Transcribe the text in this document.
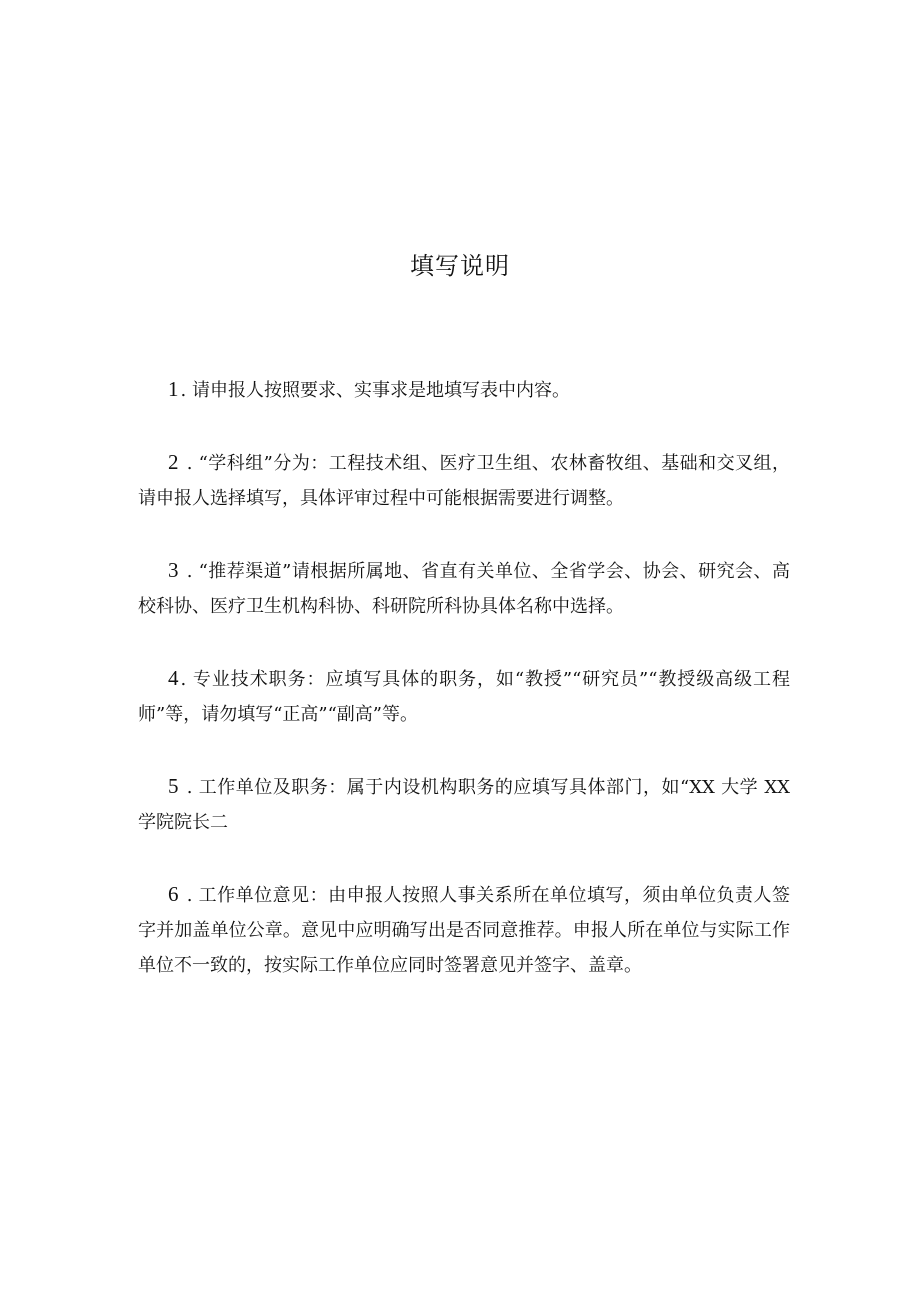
填写说明

1 . 请申报人按照要求、实事求是地填写表中内容。

2 . “学科组”分为：工程技术组、医疗卫生组、农林畜牧组、基础和交叉组，请申报人选择填写，具体评审过程中可能根据需要进行调整。

3 . “推荐渠道”请根据所属地、省直有关单位、全省学会、协会、研究会、高校科协、医疗卫生机构科协、科研院所科协具体名称中选择。

4 . 专业技术职务：应填写具体的职务，如“教授”“研究员”“教授级高级工程师”等，请勿填写“正高”“副高”等。

5 . 工作单位及职务：属于内设机构职务的应填写具体部门，如“XX 大学 XX 学院院长二

6 . 工作单位意见：由申报人按照人事关系所在单位填写，须由单位负责人签字并加盖单位公章。意见中应明确写出是否同意推荐。申报人所在单位与实际工作单位不一致的，按实际工作单位应同时签署意见并签字、盖章。
